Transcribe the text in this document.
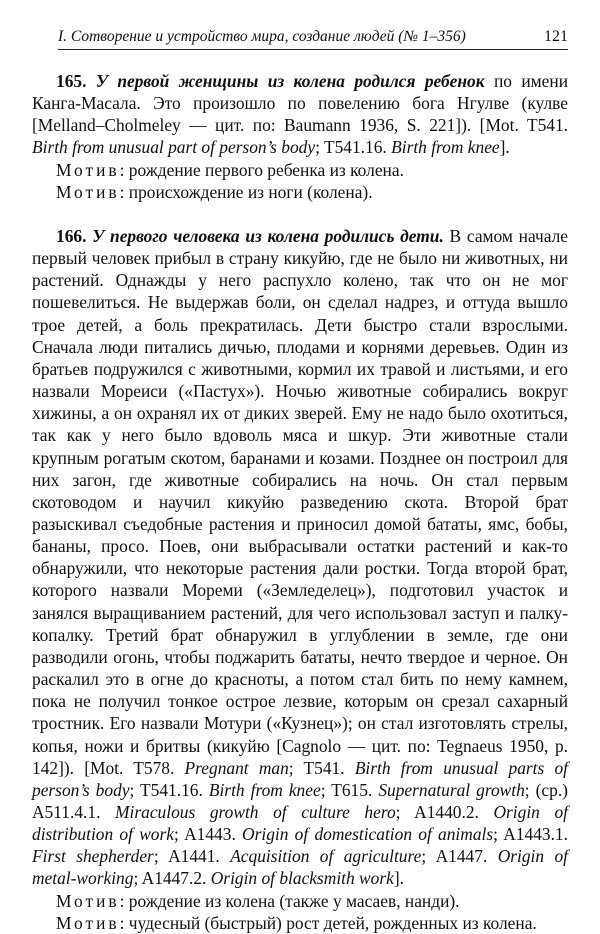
I. Сотворение и устройство мира, создание людей (№ 1–356)	121

165. У первой женщины из колена родился ребенок по имени Канга-Масала. Это произошло по повелению бога Нгулве (кулве [Melland–Cholmeley — цит. по: Baumann 1936, S. 221]). [Mot. T541. Birth from unusual part of person’s body; T541.16. Birth from knee].

Мотив: рождение первого ребенка из колена.

Мотив: происхождение из ноги (колена).

166. У первого человека из колена родились дети. В самом начале первый человек прибыл в страну кикуйю, где не было ни животных, ни растений. Однажды у него распухло колено, так что он не мог пошевелиться. Не выдержав боли, он сделал надрез, и оттуда вышло трое детей, а боль прекратилась. Дети быстро стали взрослыми. Сначала люди питались дичью, плодами и корнями деревьев. Один из братьев подружился с животными, кормил их травой и листьями, и его назвали Мореиси («Пастух»). Ночью животные собирались вокруг хижины, а он охранял их от диких зверей. Ему не надо было охотиться, так как у него было вдоволь мяса и шкур. Эти животные стали крупным рогатым скотом, баранами и козами. Позднее он построил для них загон, где животные собирались на ночь. Он стал первым скотоводом и научил кикуйю разведению скота. Второй брат разыскивал съедобные растения и приносил домой бататы, ямс, бобы, бананы, просо. Поев, они выбрасывали остатки растений и как-то обнаружили, что некоторые растения дали ростки. Тогда второй брат, которого назвали Мореми («Земледелец»), подготовил участок и занялся выращиванием растений, для чего использовал заступ и палку-копалку. Третий брат обнаружил в углублении в земле, где они разводили огонь, чтобы поджарить бататы, нечто твердое и черное. Он раскалил это в огне до красноты, а потом стал бить по нему камнем, пока не получил тонкое острое лезвие, которым он срезал сахарный тростник. Его назвали Мотури («Кузнец»); он стал изготовлять стрелы, копья, ножи и бритвы (кикуйю [Cagnolo — цит. по: Tegnaeus 1950, p. 142]). [Mot. T578. Pregnant man; T541. Birth from unusual parts of person’s body; T541.16. Birth from knee; T615. Supernatural growth; (cp.) A511.4.1. Miraculous growth of culture hero; A1440.2. Origin of distribution of work; A1443. Origin of domestication of animals; A1443.1. First shepherder; A1441. Acquisition of agriculture; A1447. Origin of metal-working; A1447.2. Origin of blacksmith work].

Мотив: рождение из колена (также у масаев, нанди).

Мотив: чудесный (быстрый) рост детей, рожденных из колена.
